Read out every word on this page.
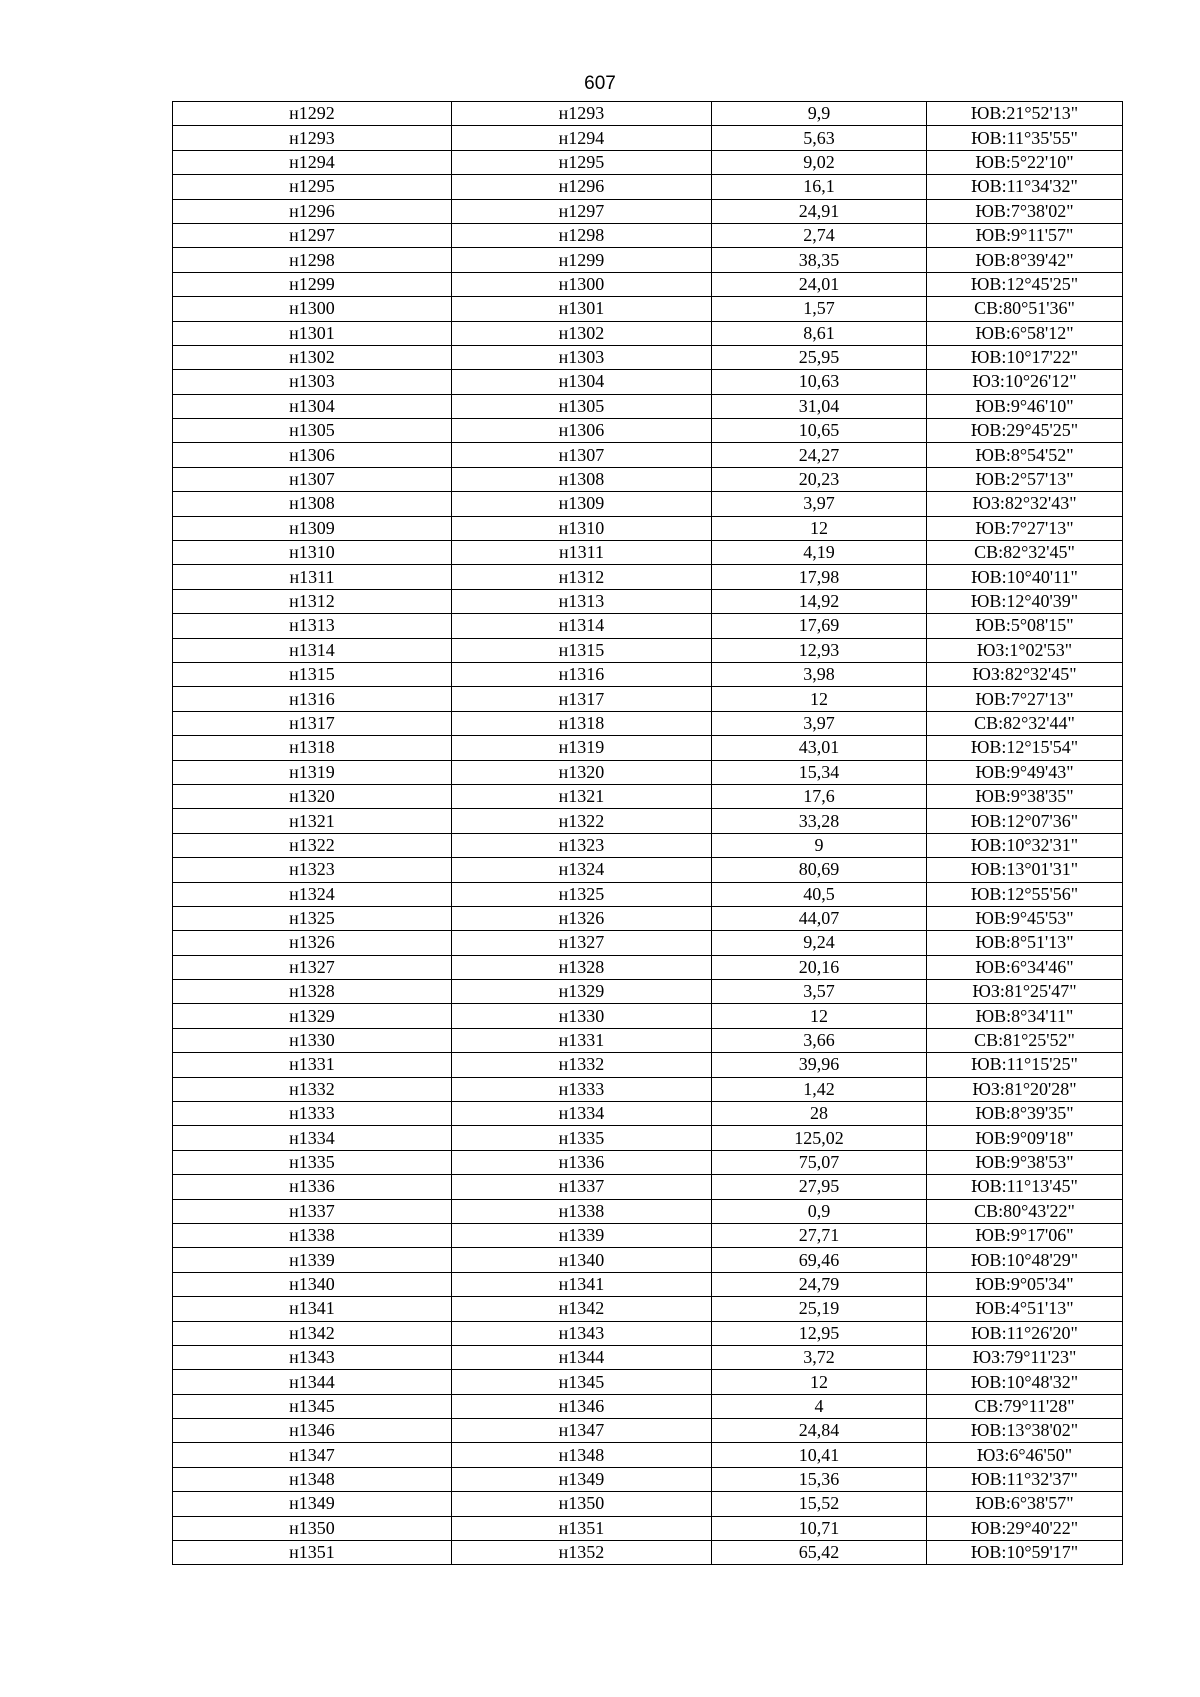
607
н1292	н1293	9,9	ЮВ:21°52'13"
н1293	н1294	5,63	ЮВ:11°35'55"
н1294	н1295	9,02	ЮВ:5°22'10"
н1295	н1296	16,1	ЮВ:11°34'32"
н1296	н1297	24,91	ЮВ:7°38'02"
н1297	н1298	2,74	ЮВ:9°11'57"
н1298	н1299	38,35	ЮВ:8°39'42"
н1299	н1300	24,01	ЮВ:12°45'25"
н1300	н1301	1,57	СВ:80°51'36"
н1301	н1302	8,61	ЮВ:6°58'12"
н1302	н1303	25,95	ЮВ:10°17'22"
н1303	н1304	10,63	ЮЗ:10°26'12"
н1304	н1305	31,04	ЮВ:9°46'10"
н1305	н1306	10,65	ЮВ:29°45'25"
н1306	н1307	24,27	ЮВ:8°54'52"
н1307	н1308	20,23	ЮВ:2°57'13"
н1308	н1309	3,97	ЮЗ:82°32'43"
н1309	н1310	12	ЮВ:7°27'13"
н1310	н1311	4,19	СВ:82°32'45"
н1311	н1312	17,98	ЮВ:10°40'11"
н1312	н1313	14,92	ЮВ:12°40'39"
н1313	н1314	17,69	ЮВ:5°08'15"
н1314	н1315	12,93	ЮЗ:1°02'53"
н1315	н1316	3,98	ЮЗ:82°32'45"
н1316	н1317	12	ЮВ:7°27'13"
н1317	н1318	3,97	СВ:82°32'44"
н1318	н1319	43,01	ЮВ:12°15'54"
н1319	н1320	15,34	ЮВ:9°49'43"
н1320	н1321	17,6	ЮВ:9°38'35"
н1321	н1322	33,28	ЮВ:12°07'36"
н1322	н1323	9	ЮВ:10°32'31"
н1323	н1324	80,69	ЮВ:13°01'31"
н1324	н1325	40,5	ЮВ:12°55'56"
н1325	н1326	44,07	ЮВ:9°45'53"
н1326	н1327	9,24	ЮВ:8°51'13"
н1327	н1328	20,16	ЮВ:6°34'46"
н1328	н1329	3,57	ЮЗ:81°25'47"
н1329	н1330	12	ЮВ:8°34'11"
н1330	н1331	3,66	СВ:81°25'52"
н1331	н1332	39,96	ЮВ:11°15'25"
н1332	н1333	1,42	ЮЗ:81°20'28"
н1333	н1334	28	ЮВ:8°39'35"
н1334	н1335	125,02	ЮВ:9°09'18"
н1335	н1336	75,07	ЮВ:9°38'53"
н1336	н1337	27,95	ЮВ:11°13'45"
н1337	н1338	0,9	СВ:80°43'22"
н1338	н1339	27,71	ЮВ:9°17'06"
н1339	н1340	69,46	ЮВ:10°48'29"
н1340	н1341	24,79	ЮВ:9°05'34"
н1341	н1342	25,19	ЮВ:4°51'13"
н1342	н1343	12,95	ЮВ:11°26'20"
н1343	н1344	3,72	ЮЗ:79°11'23"
н1344	н1345	12	ЮВ:10°48'32"
н1345	н1346	4	СВ:79°11'28"
н1346	н1347	24,84	ЮВ:13°38'02"
н1347	н1348	10,41	ЮЗ:6°46'50"
н1348	н1349	15,36	ЮВ:11°32'37"
н1349	н1350	15,52	ЮВ:6°38'57"
н1350	н1351	10,71	ЮВ:29°40'22"
н1351	н1352	65,42	ЮВ:10°59'17"
